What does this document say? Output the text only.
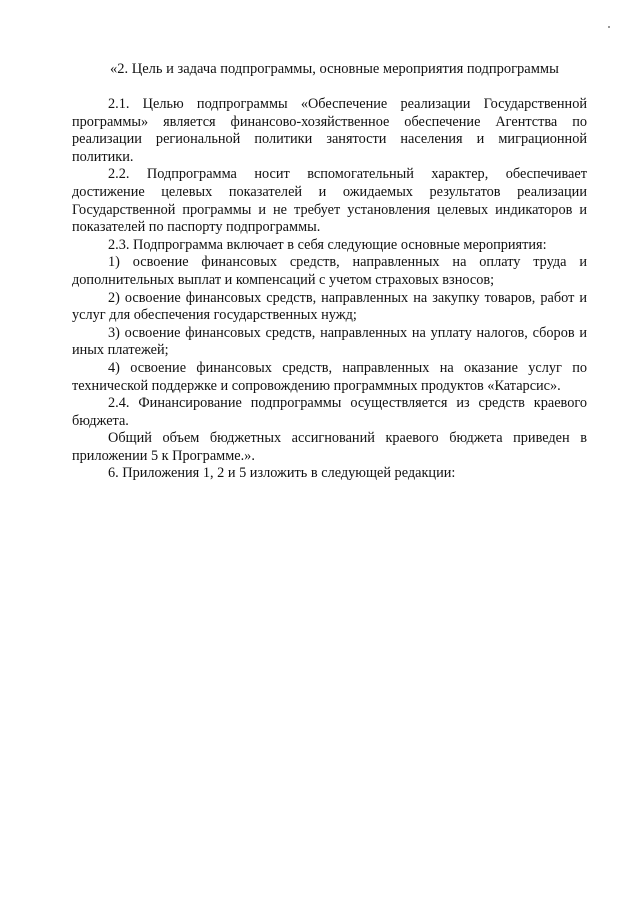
«2. Цель и задача подпрограммы, основные мероприятия подпрограммы

2.1. Целью подпрограммы «Обеспечение реализации Государственной программы» является финансово-хозяйственное обеспечение Агентства по реализации региональной политики занятости населения и миграционной политики.

2.2. Подпрограмма носит вспомогательный характер, обеспечивает достижение целевых показателей и ожидаемых результатов реализации Государственной программы и не требует установления целевых индикаторов и показателей по паспорту подпрограммы.

2.3. Подпрограмма включает в себя следующие основные мероприятия:

1) освоение финансовых средств, направленных на оплату труда и дополнительных выплат и компенсаций с учетом страховых взносов;

2) освоение финансовых средств, направленных на закупку товаров, работ и услуг для обеспечения государственных нужд;

3) освоение финансовых средств, направленных на уплату налогов, сборов и иных платежей;

4) освоение финансовых средств, направленных на оказание услуг по технической поддержке и сопровождению программных продуктов «Катарсис».

2.4. Финансирование подпрограммы осуществляется из средств краевого бюджета.

Общий объем бюджетных ассигнований краевого бюджета приведен в приложении 5 к Программе.».

6. Приложения 1, 2 и 5 изложить в следующей редакции:
